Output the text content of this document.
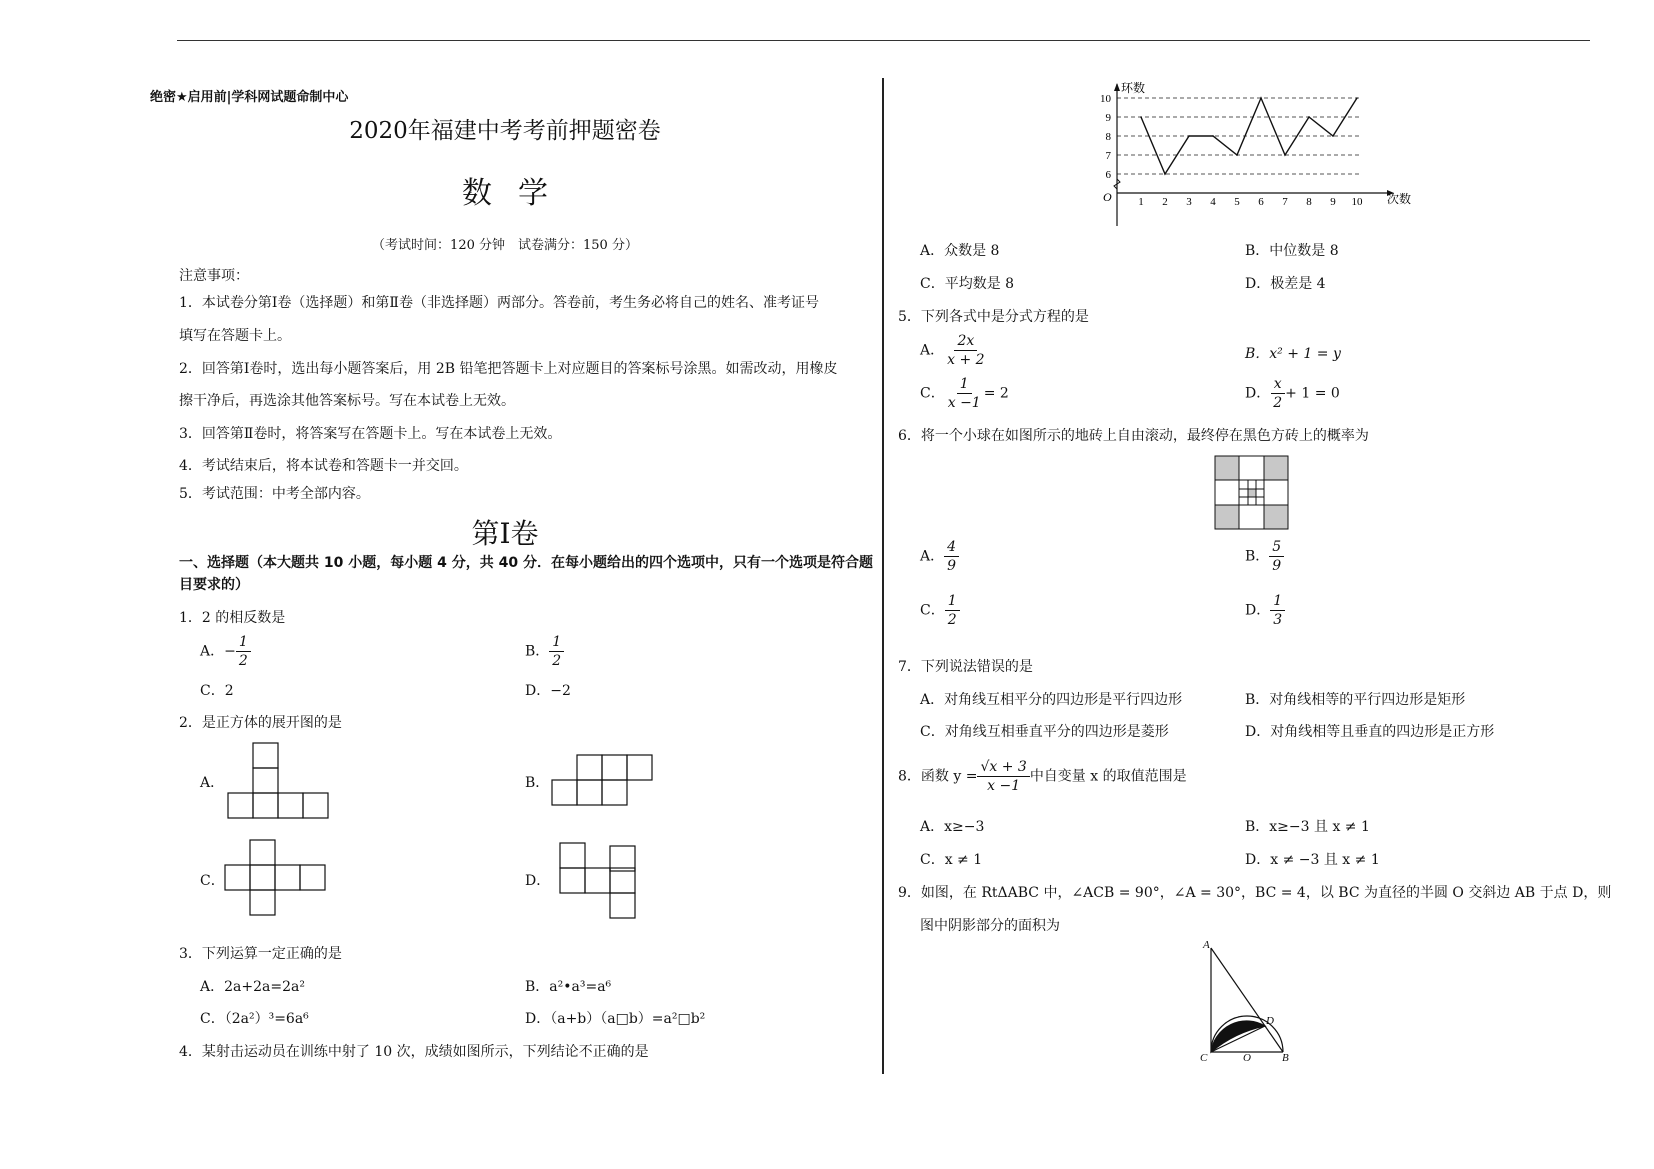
绝密★启用前|学科网试题命制中心
2020年福建中考考前押题密卷
数学
（考试时间：120 分钟　试卷满分：150 分）
注意事项：
1．本试卷分第Ⅰ卷（选择题）和第Ⅱ卷（非选择题）两部分。答卷前，考生务必将自己的姓名、准考证号
填写在答题卡上。
2．回答第Ⅰ卷时，选出每小题答案后，用 2B 铅笔把答题卡上对应题目的答案标号涂黑。如需改动，用橡皮
擦干净后，再选涂其他答案标号。写在本试卷上无效。
3．回答第Ⅱ卷时，将答案写在答题卡上。写在本试卷上无效。
4．考试结束后，将本试卷和答题卡一并交回。
5．考试范围：中考全部内容。
第Ⅰ卷
一、选择题（本大题共 10 小题，每小题 4 分，共 40 分．在每小题给出的四个选项中，只有一个选项是符合题目要求的）
1．2 的相反数是
A．− $\frac{1}{2}$	B． $\frac{1}{2}$
C．2	D．−2
2．是正方体的展开图的是
A．	B．
C．	D．
3．下列运算一定正确的是
A．2a+2a=2a²	B．a²•a³=a⁶
C．（2a²）³=6a⁶	D．（a+b）（a□b）=a²□b²
4．某射击运动员在训练中射了 10 次，成绩如图所示，下列结论不正确的是
环数
次数
O
6
7
8
9
10
1 2 3 4 5 6 7 8 9 10
A．众数是 8	B．中位数是 8
C．平均数是 8	D．极差是 4
5．下列各式中是分式方程的是
A． $\frac{2x}{x + 2}$	B．x² + 1 = y
C． $\frac{1}{x -1} = 2$	D． $\frac{x}{2} + 1 = 0$
6．将一个小球在如图所示的地砖上自由滚动，最终停在黑色方砖上的概率为
A． $\frac{4}{9}$	B． $\frac{5}{9}$
C． $\frac{1}{2}$	D． $\frac{1}{3}$
7．下列说法错误的是
A．对角线互相平分的四边形是平行四边形	B．对角线相等的平行四边形是矩形
C．对角线互相垂直平分的四边形是菱形	D．对角线相等且垂直的四边形是正方形
8．函数 $y = \frac{√x + 3}{x -1}$ 中自变量 x 的取值范围是
A．x≥−3	B．x≥−3 且 x ≠ 1
C．x ≠ 1	D．x ≠ −3 且 x ≠ 1
9．如图，在 RtΔABC 中，∠ACB = 90°，∠A = 30°，BC = 4，以 BC 为直径的半圆 O 交斜边 AB 于点 D，则
图中阴影部分的面积为
A
D
C	O	B
